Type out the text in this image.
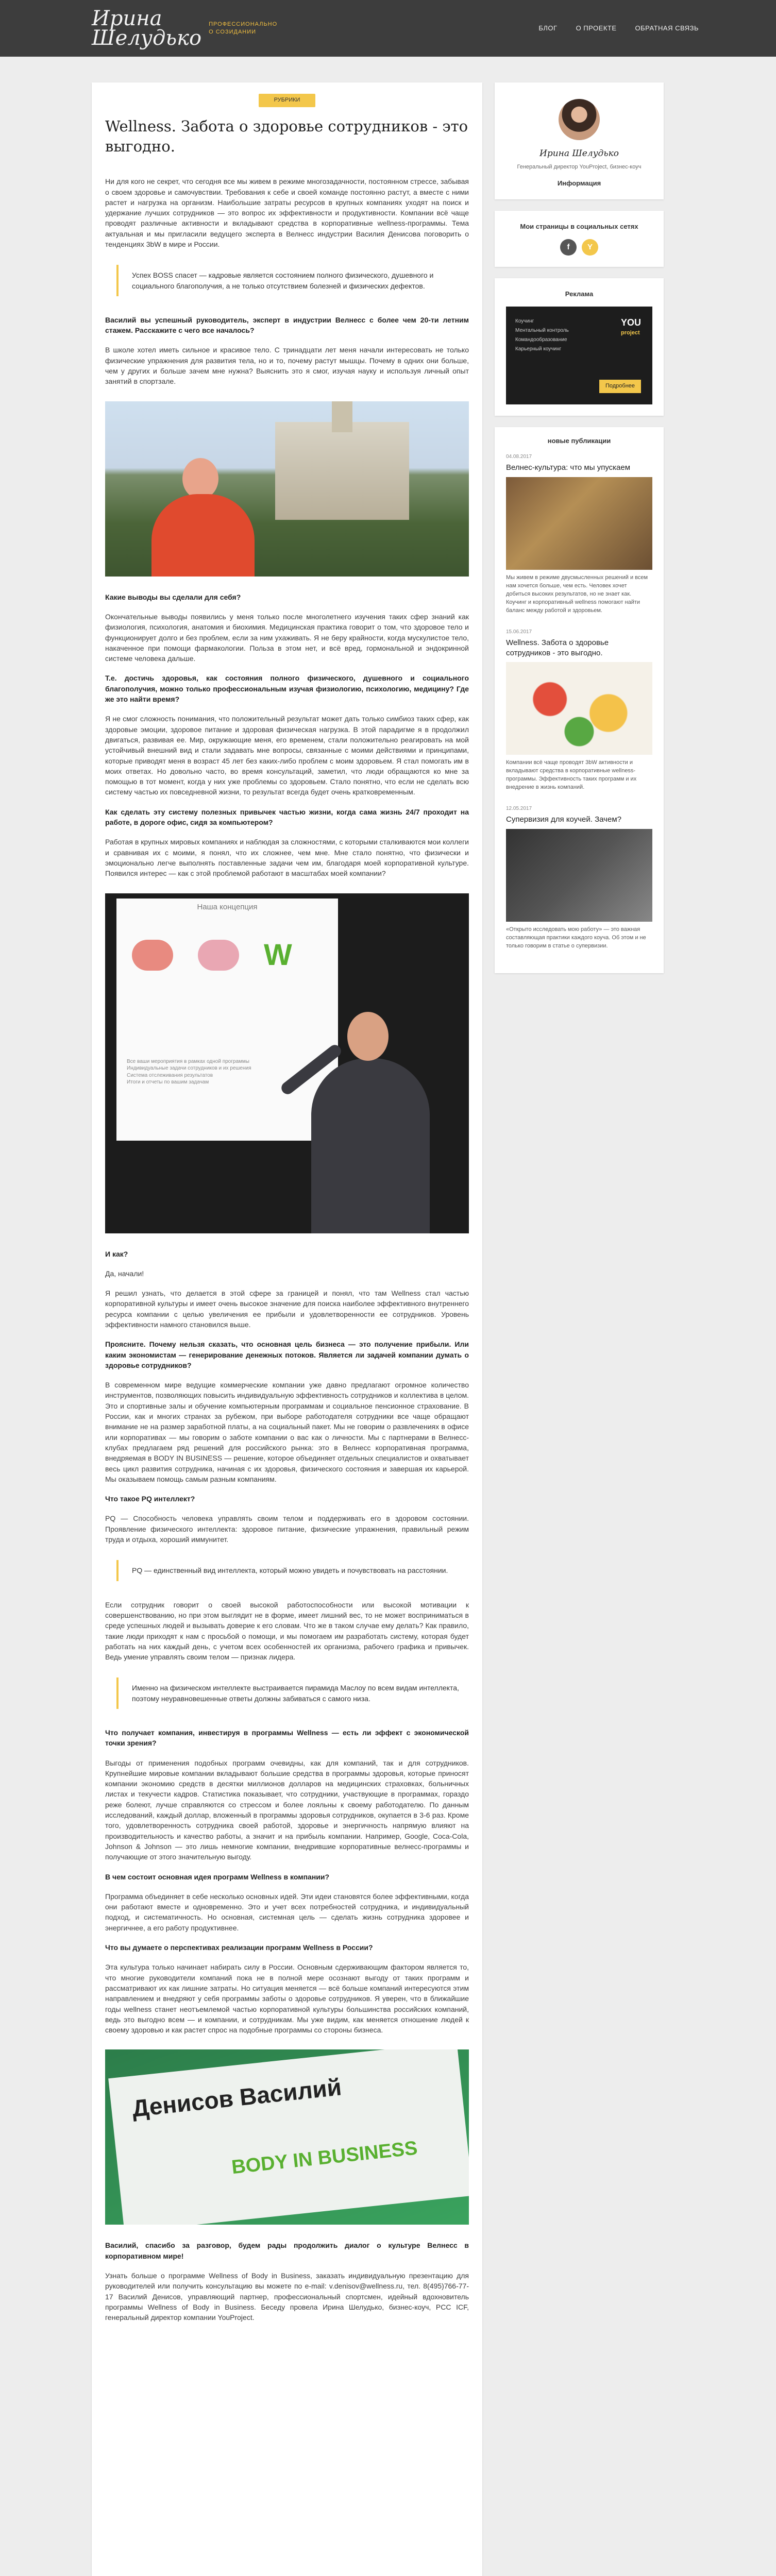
Ирина
Шелудько
ПРОФЕССИОНАЛЬНО
О СОЗИДАНИИ
БЛОГ	О ПРОЕКТЕ	ОБРАТНАЯ СВЯЗЬ
РУБРИКИ
Wellness. Забота о здоровье сотрудников - это выгодно.

Ни для кого не секрет, что сегодня все мы живем в режиме многозадачности, постоянном стрессе, забывая о своем здоровье и самочувствии. Требования к себе и своей команде постоянно растут, а вместе с ними растет и нагрузка на организм. Наибольшие затраты ресурсов в крупных компаниях уходят на поиск и удержание лучших сотрудников — это вопрос их эффективности и продуктивности. Компании всё чаще проводят различные активности и вкладывают средства в корпоративные wellness-программы. Тема актуальная и мы пригласили ведущего эксперта в Велнесс индустрии Василия Денисова поговорить о тенденциях 3bW в мире и России.

Успех BOSS спасет — кадровые является состоянием полного физического, душевного и социального благополучия, а не только отсутствием болезней и физических дефектов.

Василий вы успешный руководитель, эксперт в индустрии Велнесс с более чем 20-ти летним стажем. Расскажите с чего все началось?

В школе хотел иметь сильное и красивое тело. С тринадцати лет меня начали интересовать не только физические упражнения для развития тела, но и то, почему растут мышцы. Почему в одних они больше, чем у других и больше зачем мне нужна? Выяснить это я смог, изучая науку и используя личный опыт занятий в спортзале.

Какие выводы вы сделали для себя?

Окончательные выводы появились у меня только после многолетнего изучения таких сфер знаний как физиология, психология, анатомия и биохимия. Медицинская практика говорит о том, что здоровое тело и функционирует долго и без проблем, если за ним ухаживать. Я не беру крайности, когда мускулистое тело, накаченное при помощи фармакологии. Польза в этом нет, и всё вред, гормональной и эндокринной системе человека дальше.

Т.е. достичь здоровья, как состояния полного физического, душевного и социального благополучия, можно только профессиональным изучая физиологию, психологию, медицину? Где же это найти время?

Я не смог сложность понимания, что положительный результат может дать только симбиоз таких сфер, как здоровые эмоции, здоровое питание и здоровая физическая нагрузка. В этой парадигме я в продолжил двигаться, развивая ее. Мир, окружающие меня, его временем, стали положительно реагировать на мой устойчивый внешний вид и стали задавать мне вопросы, связанные с моими действиями и принципами, которые приводят меня в возраст 45 лет без каких-либо проблем с моим здоровьем. Я стал помогать им в моих ответах. Но довольно часто, во время консультаций, заметил, что люди обращаются ко мне за помощью в тот момент, когда у них уже проблемы со здоровьем. Стало понятно, что если не сделать всю систему частью их повседневной жизни, то результат всегда будет очень кратковременным.

Как сделать эту систему полезных привычек частью жизни, когда сама жизнь 24/7 проходит на работе, в дороге офис, сидя за компьютером?

Работая в крупных мировых компаниях и наблюдая за сложностями, с которыми сталкиваются мои коллеги и сравнивая их с моими, я понял, что их сложнее, чем мне. Мне стало понятно, что физически и эмоционально легче выполнять поставленные задачи чем им, благодаря моей корпоративной культуре. Появился интерес — как с этой проблемой работают в масштабах моей компании?

Наша концепция
W
Все ваши мероприятия в рамках одной программы
Индивидуальные задачи сотрудников и их решения
Система отслеживания результатов
Итоги и отчеты по вашим задачам

И как?

Да, начали!

Я решил узнать, что делается в этой сфере за границей и понял, что там Wellness стал частью корпоративной культуры и имеет очень высокое значение для поиска наиболее эффективного внутреннего ресурса компании с целью увеличения ее прибыли и удовлетворенности ее сотрудников. Уровень эффективности намного становился выше.

Проясните. Почему нельзя сказать, что основная цель бизнеса — это получение прибыли. Или каким экономистам — генерирование денежных потоков. Является ли задачей компании думать о здоровье сотрудников?

В современном мире ведущие коммерческие компании уже давно предлагают огромное количество инструментов, позволяющих повысить индивидуальную эффективность сотрудников и коллектива в целом. Это и спортивные залы и обучение компьютерным программам и социальное пенсионное страхование. В России, как и многих странах за рубежом, при выборе работодателя сотрудники все чаще обращают внимание не на размер заработной платы, а на социальный пакет. Мы не говорим о развлечениях в офисе или корпоративах — мы говорим о заботе компании о вас как о личности. Мы с партнерами в Велнесс-клубах предлагаем ряд решений для российского рынка: это в Велнесс корпоративная программа, внедряемая в BODY IN BUSINESS — решение, которое объединяет отдельных специалистов и охватывает весь цикл развития сотрудника, начиная с их здоровья, физического состояния и завершая их карьерой. Мы оказываем помощь самым разным компаниям.

Что такое PQ интеллект?

PQ — Способность человека управлять своим телом и поддерживать его в здоровом состоянии. Проявление физического интеллекта: здоровое питание, физические упражнения, правильный режим труда и отдыха, хороший иммунитет.

PQ — единственный вид интеллекта, который можно увидеть и почувствовать на расстоянии.

Если сотрудник говорит о своей высокой работоспособности или высокой мотивации к совершенствованию, но при этом выглядит не в форме, имеет лишний вес, то не может восприниматься в среде успешных людей и вызывать доверие к его словам. Что же в таком случае ему делать? Как правило, такие люди приходят к нам с просьбой о помощи, и мы помогаем им разработать систему, которая будет работать на них каждый день, с учетом всех особенностей их организма, рабочего графика и привычек. Ведь умение управлять своим телом — признак лидера.

Именно на физическом интеллекте выстраивается пирамида Маслоу по всем видам интеллекта, поэтому неуравновешенные ответы должны забиваться с самого низа.

Что получает компания, инвестируя в программы Wellness — есть ли эффект с экономической точки зрения?

Выгоды от применения подобных программ очевидны, как для компаний, так и для сотрудников. Крупнейшие мировые компании вкладывают большие средства в программы здоровья, которые приносят компании экономию средств в десятки миллионов долларов на медицинских страховках, больничных листах и текучести кадров. Статистика показывает, что сотрудники, участвующие в программах, гораздо реже болеют, лучше справляются со стрессом и более лояльны к своему работодателю. По данным исследований, каждый доллар, вложенный в программы здоровья сотрудников, окупается в 3-6 раз. Кроме того, удовлетворенность сотрудника своей работой, здоровье и энергичность напрямую влияют на производительность и качество работы, а значит и на прибыль компании. Например, Google, Coca-Cola, Johnson & Johnson — это лишь немногие компании, внедрившие корпоративные велнесс-программы и получающие от этого значительную выгоду.

В чем состоит основная идея программ Wellness в компании?

Программа объединяет в себе несколько основных идей. Эти идеи становятся более эффективными, когда они работают вместе и одновременно. Это и учет всех потребностей сотрудника, и индивидуальный подход, и систематичность. Но основная, системная цель — сделать жизнь сотрудника здоровее и энергичнее, а его работу продуктивнее.

Что вы думаете о перспективах реализации программ Wellness в России?

Эта культура только начинает набирать силу в России. Основным сдерживающим фактором является то, что многие руководители компаний пока не в полной мере осознают выгоду от таких программ и рассматривают их как лишние затраты. Но ситуация меняется — всё больше компаний интересуются этим направлением и внедряют у себя программы заботы о здоровье сотрудников. Я уверен, что в ближайшие годы wellness станет неотъемлемой частью корпоративной культуры большинства российских компаний, ведь это выгодно всем — и компании, и сотрудникам. Мы уже видим, как меняется отношение людей к своему здоровью и как растет спрос на подобные программы со стороны бизнеса.

Денисов Василий
BODY IN BUSINESS

Василий, спасибо за разговор, будем рады продолжить диалог о культуре Велнесс в корпоративном мире!

Узнать больше о программе Wellness of Body in Business, заказать индивидуальную презентацию для руководителей или получить консультацию вы можете по e-mail: v.denisov@wellness.ru, тел. 8(495)766-77-17 Василий Денисов, управляющий партнер, профессиональный спортсмен, идейный вдохновитель программы Wellness of Body in Business. Беседу провела Ирина Шелудько, бизнес-коуч, PCC ICF, генеральный директор компании YouProject.

Ирина Шелудько
Генеральный директор YouProject, бизнес-коуч
Информация
Мои страницы в социальных сетях
f	Y
Реклама
Коучинг
Ментальный контроль
Командообразование
Карьерный коучинг
YOU
project
Подробнее
новые публикации
04.08.2017
Велнес-культура: что мы упускаем
Мы живем в режиме двусмысленных решений и всем нам хочется больше, чем есть. Человек хочет добиться высоких результатов, но не знает как. Коучинг и корпоративный wellness помогают найти баланс между работой и здоровьем.
15.06.2017
Wellness. Забота о здоровье сотрудников - это выгодно.
Компании всё чаще проводят 3bW активности и вкладывают средства в корпоративные wellness-программы. Эффективность таких программ и их внедрение в жизнь компаний.
12.05.2017
Супервизия для коучей. Зачем?
«Открыто исследовать мою работу» — это важная составляющая практики каждого коуча. Об этом и не только говорим в статье о супервизии.
